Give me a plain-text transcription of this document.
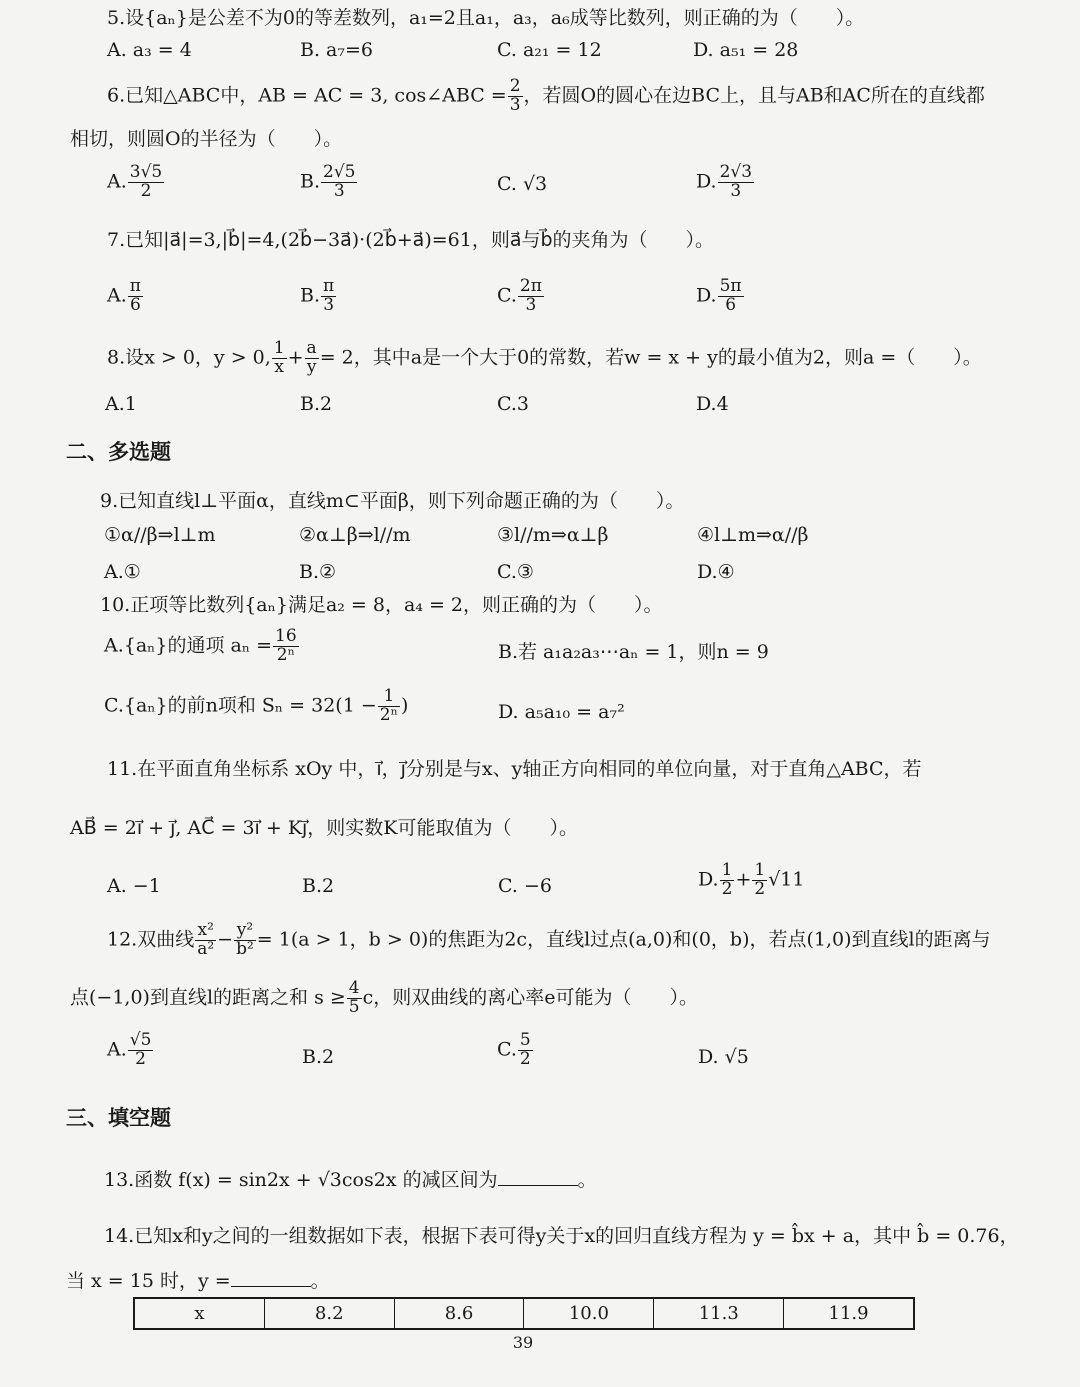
5.设{aₙ}是公差不为0的等差数列，a₁=2且a₁，a₃，a₆成等比数列，则正确的为（　　）。
A. a₃ = 4	B. a₇=6	C. a₂₁ = 12	D. a₅₁ = 28
6.已知△ABC中，AB = AC = 3, cos∠ABC = $\frac{2}{3}$ ，若圆O的圆心在边BC上，且与AB和AC所在的直线都
相切，则圆O的半径为（　　）。
A. $\frac{3√5}{2}$	B. $\frac{2√5}{3}$	C. √3	D. $\frac{2√3}{3}$
7.已知|a⃗|=3,|b⃗|=4,(2b⃗−3a⃗)·(2b⃗+a⃗)=61，则a⃗与b⃗的夹角为（　　）。
A. $\frac{\pi}{6}$	B. $\frac{\pi}{3}$	C. $\frac{2\pi}{3}$	D. $\frac{5\pi}{6}$
8.设x > 0，y > 0, $\frac{1}{x} + \frac{a}{y} = 2$，其中a是一个大于0的常数，若w = x + y的最小值为2，则a =（　　）。
A.1	B.2	C.3	D.4
二、多选题
9.已知直线l⊥平面α，直线m⊂平面β，则下列命题正确的为（　　）。
①α//β⇒l⊥m	②α⊥β⇒l//m	③l//m⇒α⊥β	④l⊥m⇒α//β
A.①	B.②	C.③	D.④
10.正项等比数列{aₙ}满足a₂ = 8，a₄ = 2，则正确的为（　　）。
A.{aₙ}的通项 $a_n = \frac{16}{\text{2ⁿ}}$	B.若 a₁a₂a₃⋯aₙ = 1，则n = 9
C.{aₙ}的前n项和 $S_n = 32(1 - \frac{1}{\text{2ⁿ}}$ )	D. a₅a₁₀ = a₇²
11.在平面直角坐标系 xOy 中，i⃗，j⃗分别是与x、y轴正方向相同的单位向量，对于直角△ABC，若
AB⃗ = 2i⃗ + j⃗, AC⃗ = 3i⃗ + Kj⃗，则实数K可能取值为（　　）。
A. −1	B.2	C. −6	D. $\frac{1}{2} + \frac{1}{2} √11$
12.双曲线 $\frac{\text{x²}}{\text{a²}} - \frac{\text{y²}}{\text{b²}} = 1(a > 1$，b > 0)的焦距为2c，直线l过点(a,0)和(0，b)，若点(1,0)到直线l的距离与
点(−1,0)到直线l的距离之和 $s \ge \frac{4}{5}$ c，则双曲线的离心率e可能为（　　）。
A. $\frac{√5}{2}$	B.2	C. $\frac{5}{2}$	D. √5
三、填空题
13.函数 f(x) = sin2x + √3cos2x 的减区间为	。
14.已知x和y之间的一组数据如下表，根据下表可得y关于x的回归直线方程为 y = b̂x + a，其中 b̂ = 0.76，
当 x = 15 时，y =	。
x	8.2	8.6	10.0	11.3	11.9
39
